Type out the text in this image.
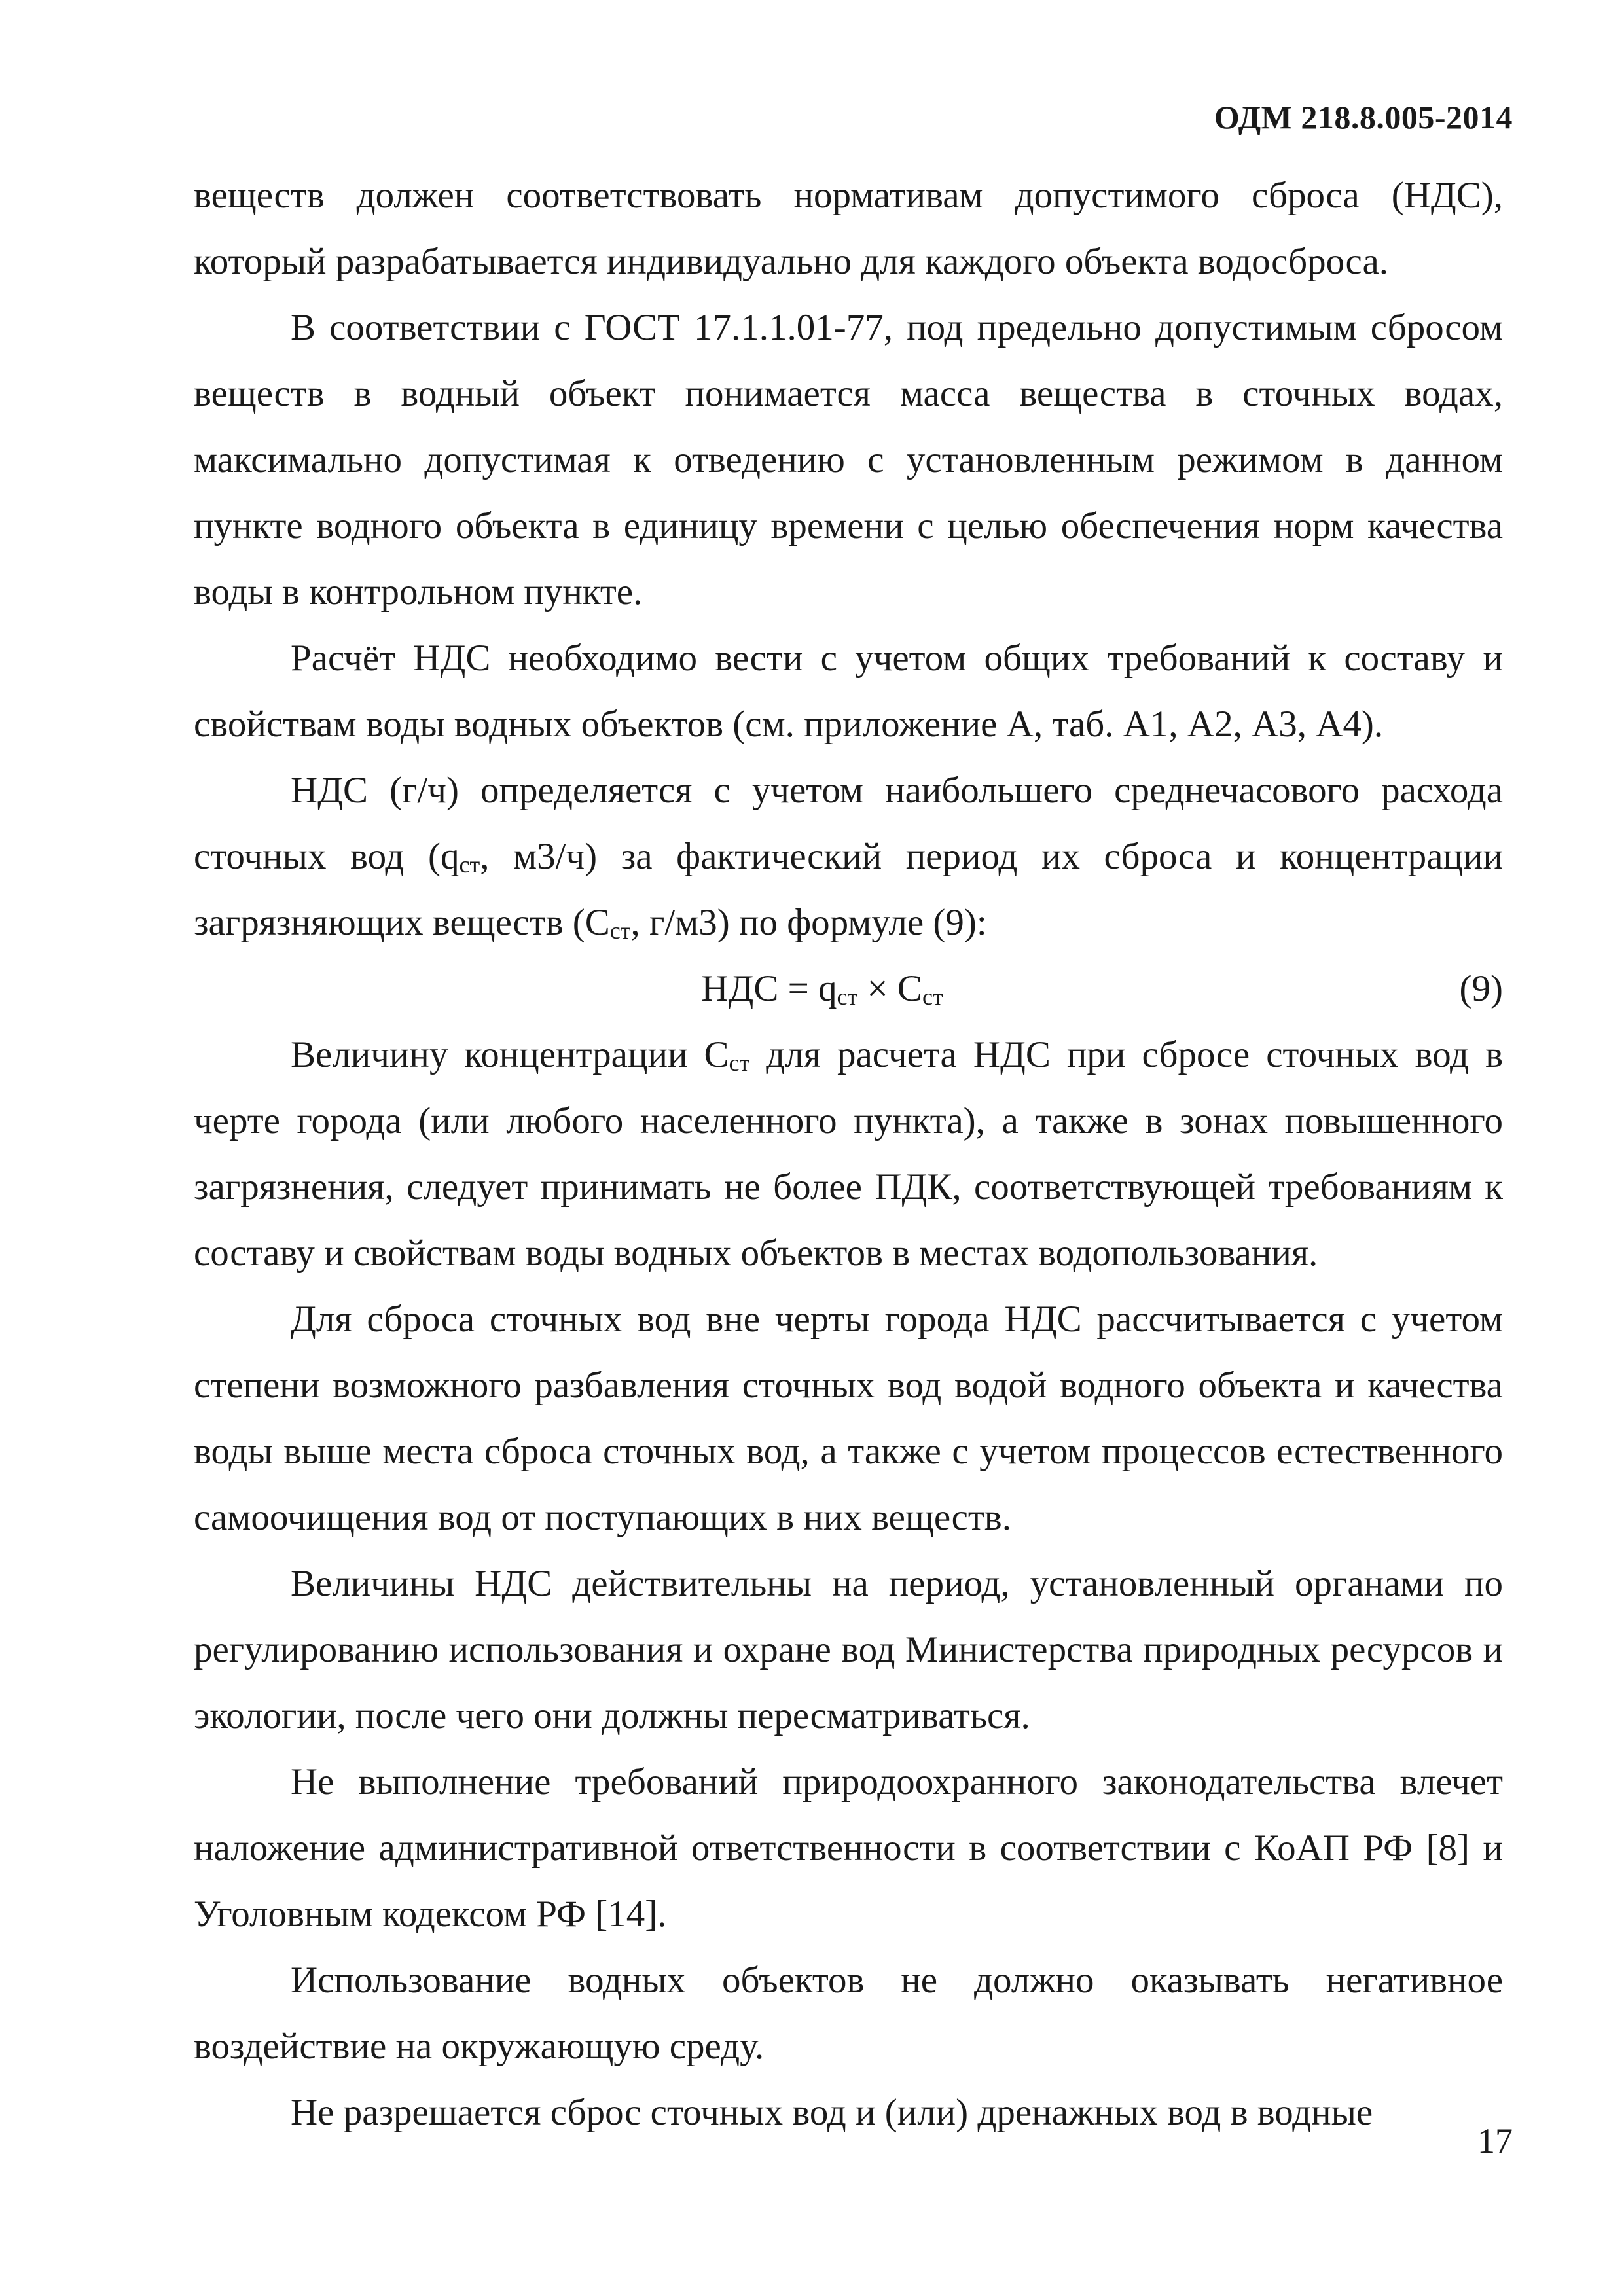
ОДМ 218.8.005-2014

веществ должен соответствовать нормативам допустимого сброса (НДС), который разрабатывается индивидуально для каждого объекта водосброса.

В соответствии с ГОСТ 17.1.1.01-77, под предельно допустимым сбросом веществ в водный объект понимается масса вещества в сточных водах, максимально допустимая к отведению с установленным режимом в данном пункте водного объекта в единицу времени с целью обеспечения норм качества воды в контрольном пункте.

Расчёт НДС необходимо вести с учетом общих требований к составу и свойствам воды водных объектов (см. приложение А, таб. А1, А2, А3, А4).

НДС (г/ч) определяется с учетом наибольшего среднечасового расхода сточных вод ($q_{ст}$, м3/ч) за фактический период их сброса и концентрации загрязняющих веществ ($С_{ст}$, г/м3) по формуле (9):

НДС = $q_{ст} \times С_{ст}$	(9)

Величину концентрации $С_{ст}$ для расчета НДС при сбросе сточных вод в черте города (или любого населенного пункта), а также в зонах повышенного загрязнения, следует принимать не более ПДК, соответствующей требованиям к составу и свойствам воды водных объектов в местах водопользования.

Для сброса сточных вод вне черты города НДС рассчитывается с учетом степени возможного разбавления сточных вод водой водного объекта и качества воды выше места сброса сточных вод, а также с учетом процессов естественного самоочищения вод от поступающих в них веществ.

Величины НДС действительны на период, установленный органами по регулированию использования и охране вод Министерства природных ресурсов и экологии, после чего они должны пересматриваться.

Не выполнение требований природоохранного законодательства влечет наложение административной ответственности в соответствии с КоАП РФ [8] и Уголовным кодексом РФ [14].

Использование водных объектов не должно оказывать негативное воздействие на окружающую среду.

Не разрешается сброс сточных вод и (или) дренажных вод в водные

17
